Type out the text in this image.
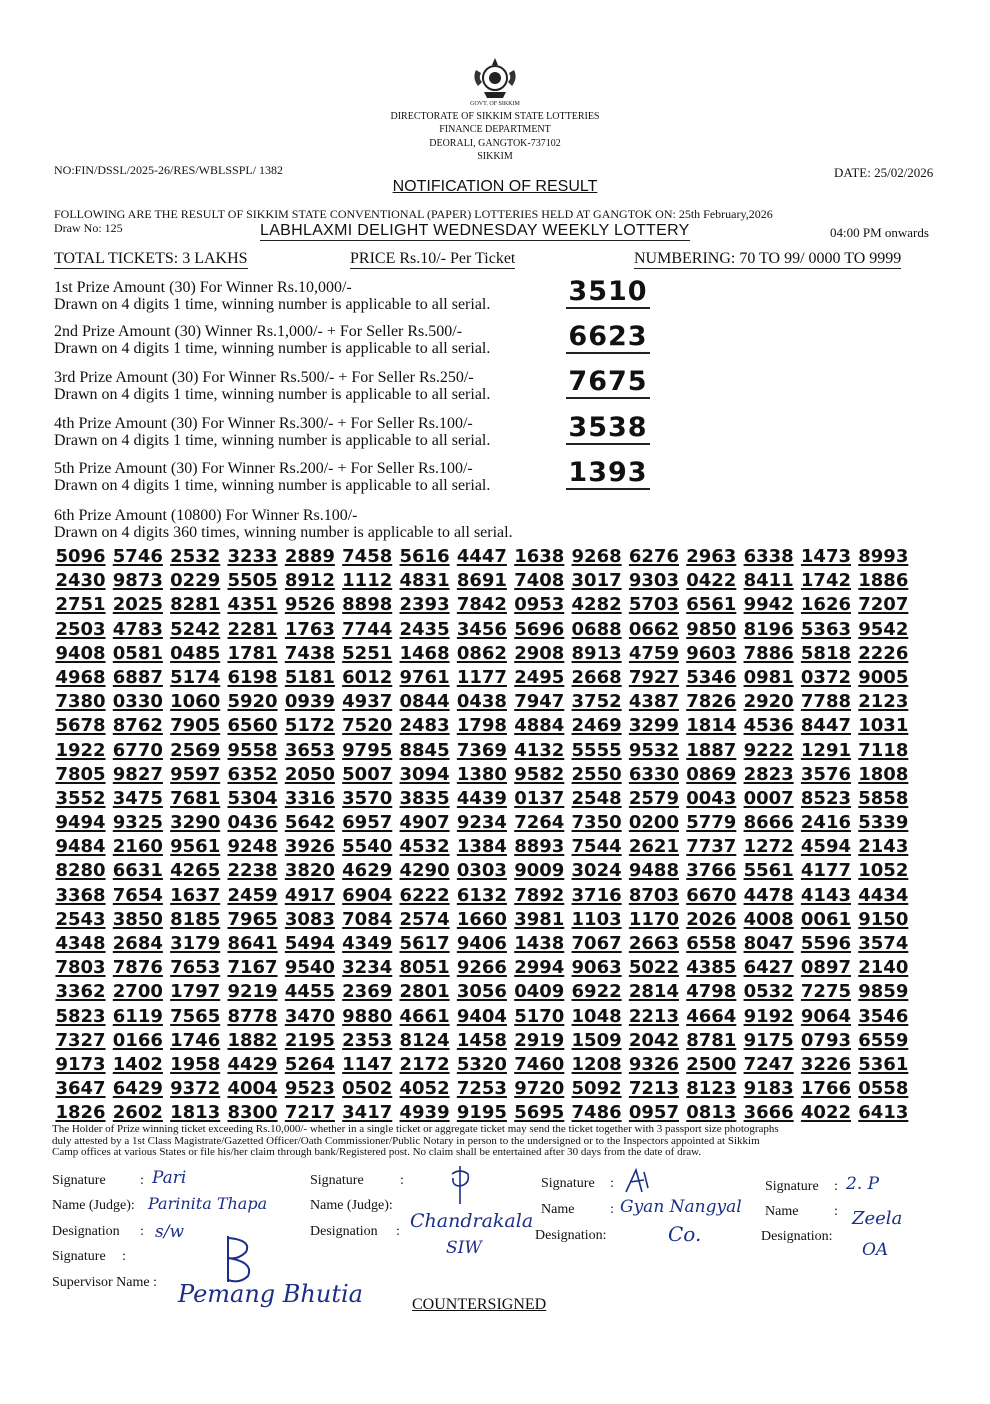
GOVT. OF SIKKIM
DIRECTORATE OF SIKKIM STATE LOTTERIES
FINANCE DEPARTMENT
DEORALI, GANGTOK-737102
SIKKIM
NO:FIN/DSSL/2025-26/RES/WBLSSPL/ 1382	DATE: 25/02/2026
NOTIFICATION OF RESULT
FOLLOWING ARE THE RESULT OF SIKKIM STATE CONVENTIONAL (PAPER) LOTTERIES HELD AT GANGTOK ON: 25th February,2026
Draw No: 125	LABHLAXMI DELIGHT WEDNESDAY WEEKLY LOTTERY	04:00 PM onwards
TOTAL TICKETS: 3 LAKHS	PRICE Rs.10/- Per Ticket	NUMBERING: 70 TO 99/ 0000 TO 9999
1st Prize Amount (30) For Winner Rs.10,000/-
Drawn on 4 digits 1 time, winning number is applicable to all serial.	3510
2nd Prize Amount (30) Winner Rs.1,000/- + For Seller Rs.500/-
Drawn on 4 digits 1 time, winning number is applicable to all serial.	6623
3rd Prize Amount (30) For Winner Rs.500/- + For Seller Rs.250/-
Drawn on 4 digits 1 time, winning number is applicable to all serial.	7675
4th Prize Amount (30) For Winner Rs.300/- + For Seller Rs.100/-
Drawn on 4 digits 1 time, winning number is applicable to all serial.	3538
5th Prize Amount (30) For Winner Rs.200/- + For Seller Rs.100/-
Drawn on 4 digits 1 time, winning number is applicable to all serial.	1393
6th Prize Amount (10800) For Winner Rs.100/-
Drawn on 4 digits 360 times, winning number is applicable to all serial.
5096 5746 2532 3233 2889 7458 5616 4447 1638 9268 6276 2963 6338 1473 8993
2430 9873 0229 5505 8912 1112 4831 8691 7408 3017 9303 0422 8411 1742 1886
2751 2025 8281 4351 9526 8898 2393 7842 0953 4282 5703 6561 9942 1626 7207
2503 4783 5242 2281 1763 7744 2435 3456 5696 0688 0662 9850 8196 5363 9542
9408 0581 0485 1781 7438 5251 1468 0862 2908 8913 4759 9603 7886 5818 2226
4968 6887 5174 6198 5181 6012 9761 1177 2495 2668 7927 5346 0981 0372 9005
7380 0330 1060 5920 0939 4937 0844 0438 7947 3752 4387 7826 2920 7788 2123
5678 8762 7905 6560 5172 7520 2483 1798 4884 2469 3299 1814 4536 8447 1031
1922 6770 2569 9558 3653 9795 8845 7369 4132 5555 9532 1887 9222 1291 7118
7805 9827 9597 6352 2050 5007 3094 1380 9582 2550 6330 0869 2823 3576 1808
3552 3475 7681 5304 3316 3570 3835 4439 0137 2548 2579 0043 0007 8523 5858
9494 9325 3290 0436 5642 6957 4907 9234 7264 7350 0200 5779 8666 2416 5339
9484 2160 9561 9248 3926 5540 4532 1384 8893 7544 2621 7737 1272 4594 2143
8280 6631 4265 2238 3820 4629 4290 0303 9009 3024 9488 3766 5561 4177 1052
3368 7654 1637 2459 4917 6904 6222 6132 7892 3716 8703 6670 4478 4143 4434
2543 3850 8185 7965 3083 7084 2574 1660 3981 1103 1170 2026 4008 0061 9150
4348 2684 3179 8641 5494 4349 5617 9406 1438 7067 2663 6558 8047 5596 3574
7803 7876 7653 7167 9540 3234 8051 9266 2994 9063 5022 4385 6427 0897 2140
3362 2700 1797 9219 4455 2369 2801 3056 0409 6922 2814 4798 0532 7275 9859
5823 6119 7565 8778 3470 9880 4661 9404 5170 1048 2213 4664 9192 9064 3546
7327 0166 1746 1882 2195 2353 8124 1458 2919 1509 2042 8781 9175 0793 6559
9173 1402 1958 4429 5264 1147 2172 5320 7460 1208 9326 2500 7247 3226 5361
3647 6429 9372 4004 9523 0502 4052 7253 9720 5092 7213 8123 9183 1766 0558
1826 2602 1813 8300 7217 3417 4939 9195 5695 7486 0957 0813 3666 4022 6413
The Holder of Prize winning ticket exceeding Rs.10,000/- whether in a single ticket or aggregate ticket may send the ticket together with 3 passport size photographs
duly attested by a 1st Class Magistrate/Gazetted Officer/Oath Commissioner/Public Notary in person to the undersigned or to the Inspectors appointed at Sikkim
Camp offices at various States or file his/her claim through bank/Registered post. No claim shall be entertained after 30 days from the date of draw.
Signature : Pari
Name (Judge): Parinita Thapa
Designation : s/w
Signature :
Supervisor Name : Pemang Bhutia	COUNTERSIGNED
Signature	:
Name (Judge):
Designation : Chandrakala
SIW
Signature :
Name	: Gyan Nangyal
Designation:	Co.
Signature : 2. P
Name	: Zeela
Designation:
OA
